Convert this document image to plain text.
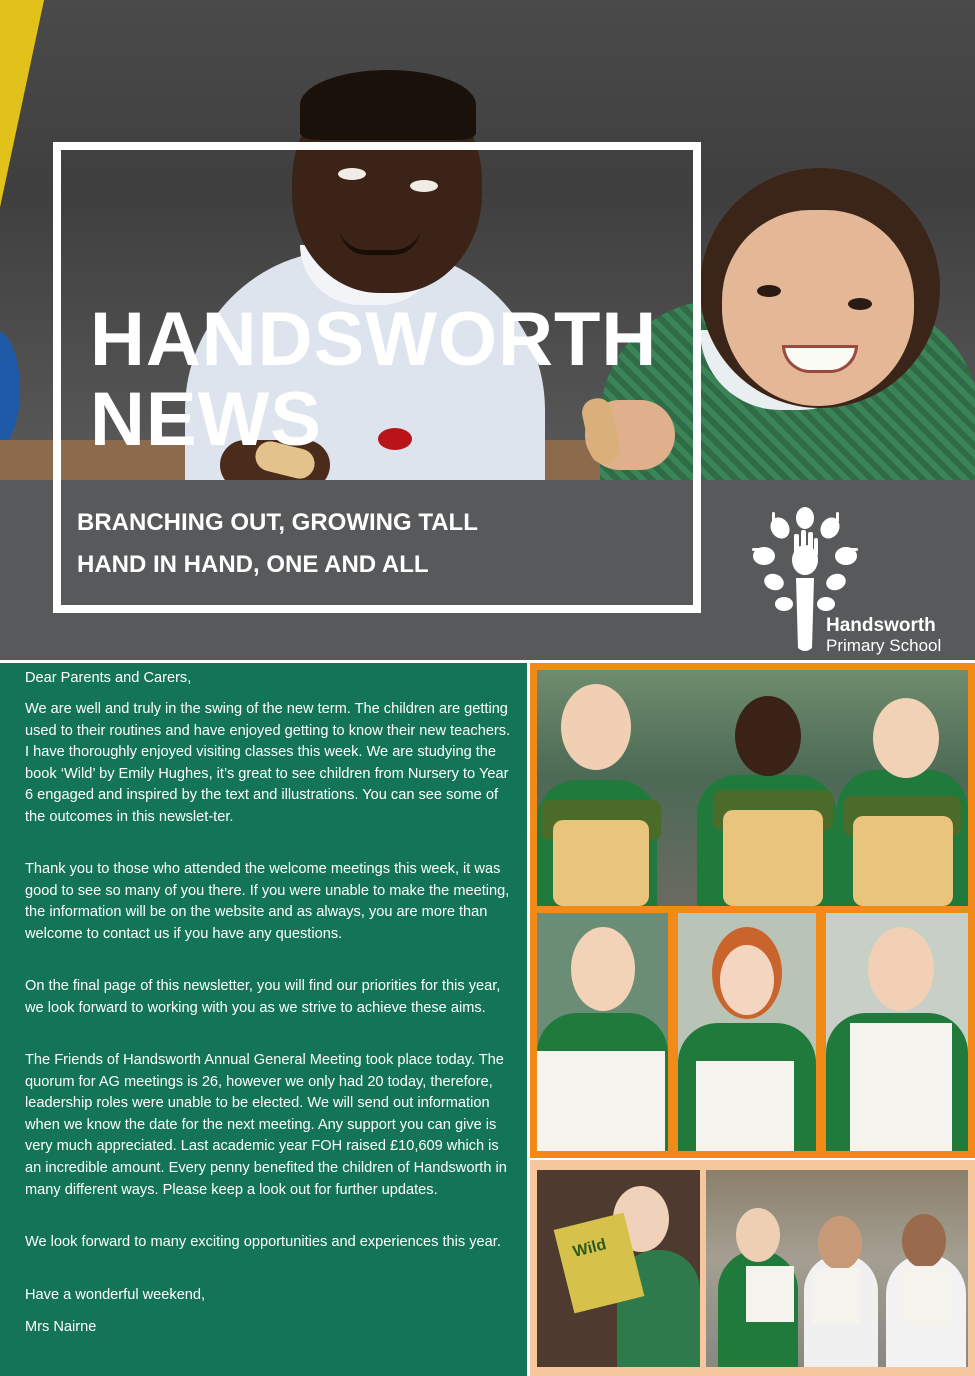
HANDSWORTH
NEWS
BRANCHING OUT, GROWING TALL
HAND IN HAND, ONE AND ALL
Handsworth
Primary School

Dear Parents and Carers,

We are well and truly in the swing of the new term. The children are getting used to their routines and have enjoyed getting to know their new teachers. I have thoroughly enjoyed visiting classes this week. We are studying the book ‘Wild’ by Emily Hughes, it’s great to see children from Nursery to Year 6 engaged and inspired by the text and illustrations. You can see some of the outcomes in this newslet-ter.

Thank you to those who attended the welcome meetings this week, it was good to see so many of you there. If you were unable to make the meeting, the information will be on the website and as always, you are more than welcome to contact us if you have any questions.

On the final page of this newsletter, you will find our priorities for this year, we look forward to working with you as we strive to achieve these aims.

The Friends of Handsworth Annual General Meeting took place today. The quorum for AG meetings is 26, however we only had 20 today, therefore, leadership roles were unable to be elected. We will send out information when we know the date for the next meeting. Any support you can give is very much appreciated. Last academic year FOH raised £10,609 which is an incredible amount. Every penny benefited the children of Handsworth in many different ways. Please keep a look out for further updates.

We look forward to many exciting opportunities and experiences this year.

Have a wonderful weekend,

Mrs Nairne

Wild
